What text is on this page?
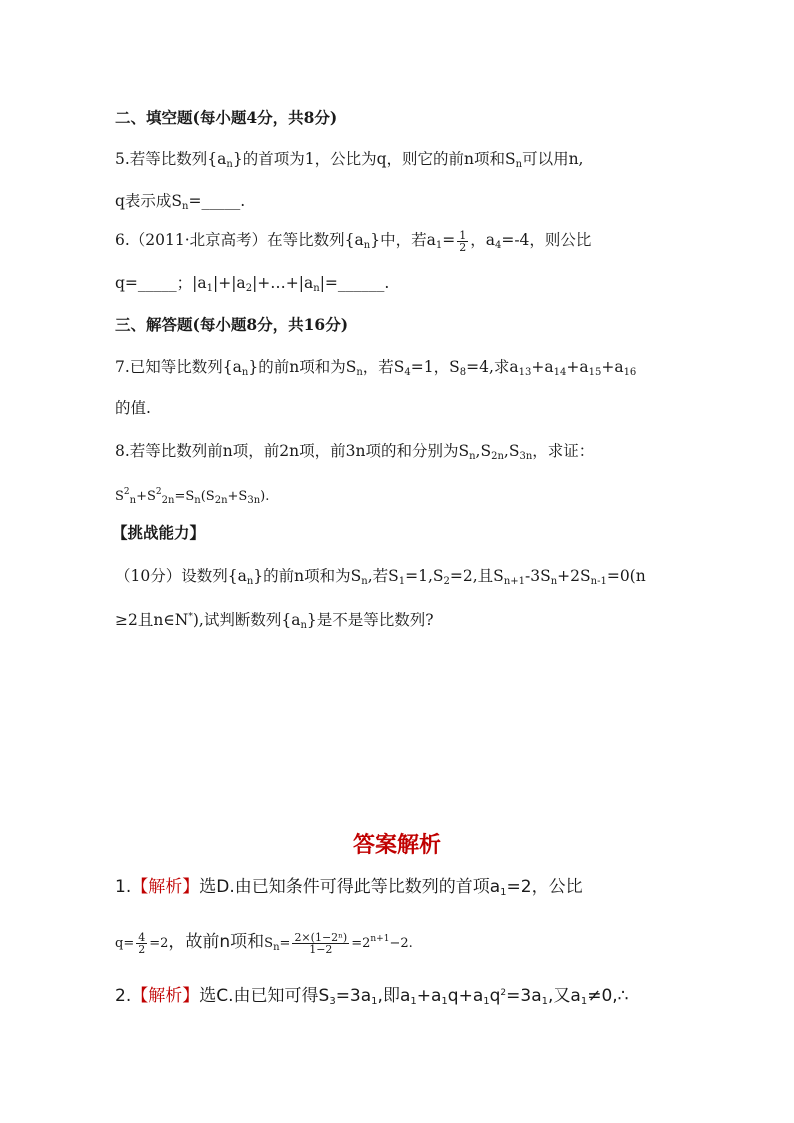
二、填空题(每小题4分，共8分)
5.若等比数列$\{a_n\}$的首项为1，公比为q，则它的前n项和$S_n$可以用n,
q表示成$S_n=\_\_\_\_\_$.
6.（2011·北京高考）在等比数列$\{a_n\}$中，若$a_1= \frac{1}{2}$ ，$a_4=-4$，则公比
q=_____；$|a_1|+|a_2|+\dots+|a_n|=\_\_\_\_\_\_$.
三、解答题(每小题8分，共16分)
7.已知等比数列$\{a_n\}$的前n项和为$S_n$，若$S_4=1$，$S_8=4$,求$a_{13}+a_{14}+a_{15}+a_{16}$
的值.
8.若等比数列前n项，前2n项，前3n项的和分别为$S_n,S_{2n},S_{3n}$，求证：
$S^2_n+S^2_{2n}=S_n(S_{2n}+S_{3n})$.
【挑战能力】
（10分）设数列$\{a_n\}$的前n项和为$S_n$,若$S_1=1,S_2=2$,且$S_{n+1}-3S_n+2S_{n-1}=0(n$
≥2且n∈N*),试判断数列$\{a_n\}$是不是等比数列?
答案解析
1.【解析】选D.由已知条件可得此等比数列的首项$a_1=2$，公比
$q= \frac{4}{2} =2$，故前n项和$S_n= \frac{\text{2×(1−2ⁿ)}}{1-2} =2^{n+1}-2$.
2.【解析】选C.由已知可得$S_3=3a_1$,即$a_1+a_1q+a_1q^2=3a_1$,又$a_1\ne 0,\therefore$
